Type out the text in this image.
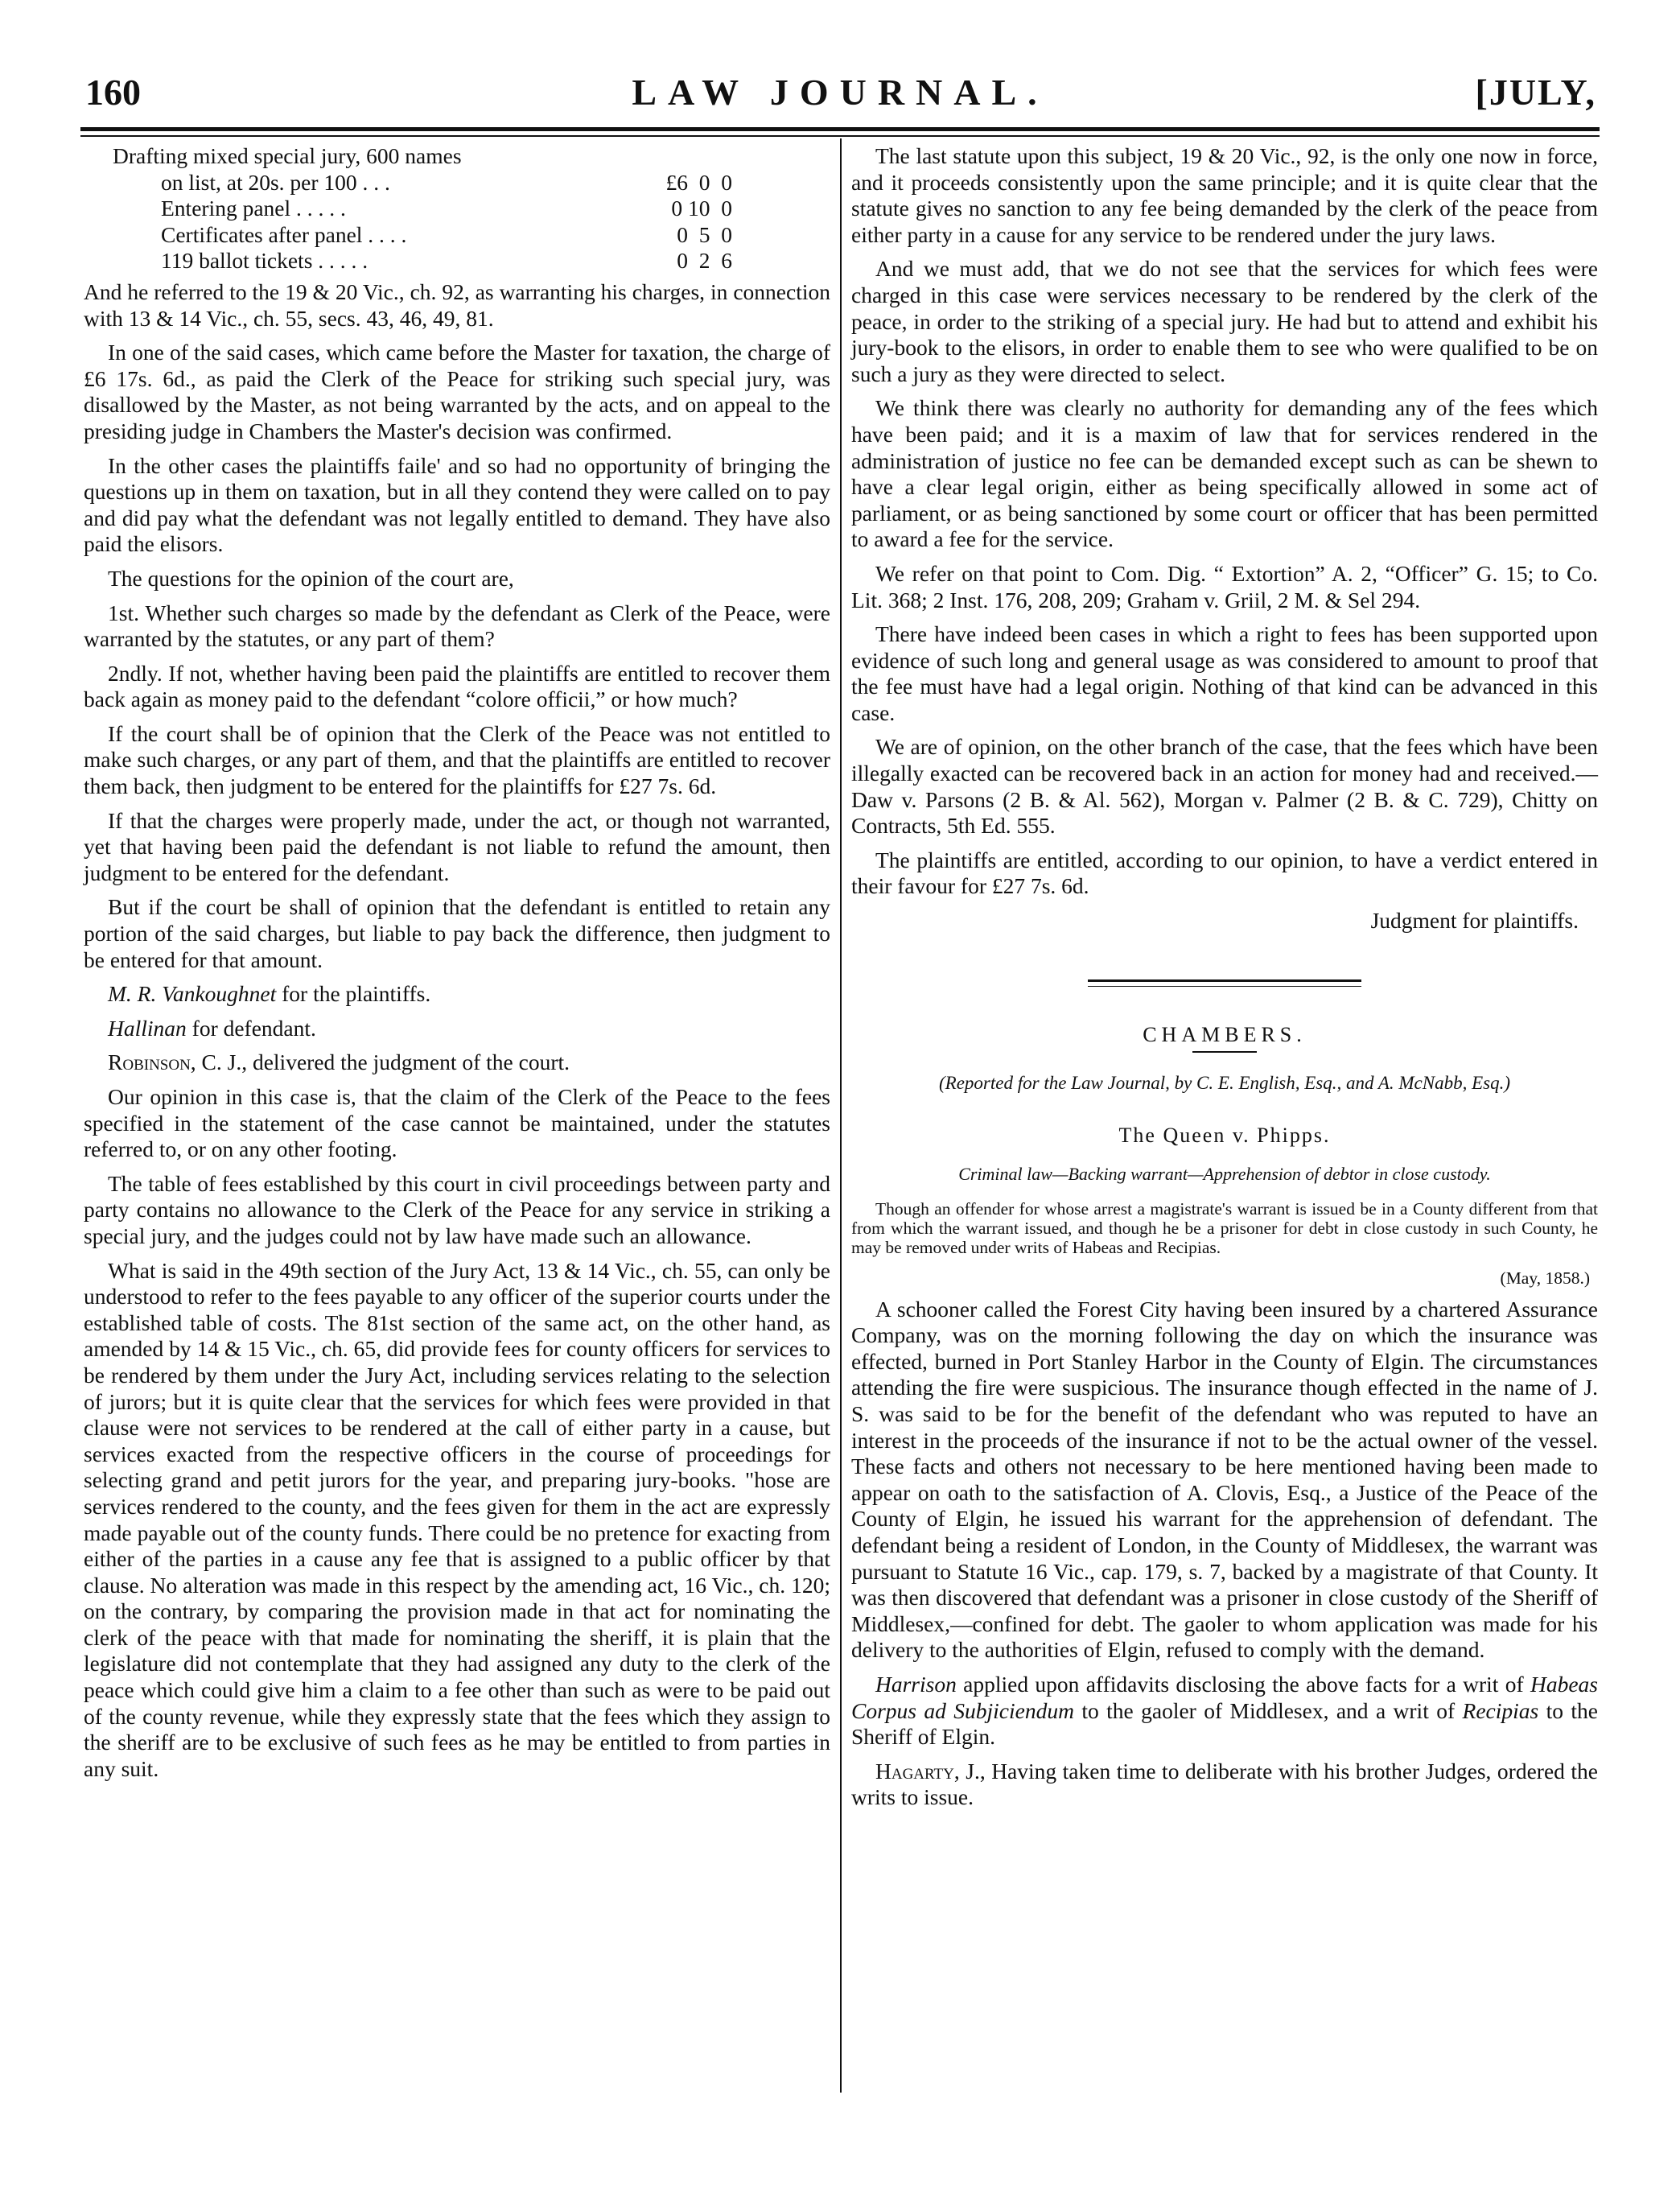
160	LAW JOURNAL.	[JULY,
Drafting mixed special jury, 600 names
on list, at 20s. per 100 . . .	£6  0  0
Entering panel . . . . .	0 10  0
Certificates after panel . . . .	0  5  0
119 ballot tickets . . . . .	0  2  6

And he referred to the 19 & 20 Vic., ch. 92, as warranting his charges, in connection with 13 & 14 Vic., ch. 55, secs. 43, 46, 49, 81.

In one of the said cases, which came before the Master for taxation, the charge of £6 17s. 6d., as paid the Clerk of the Peace for striking such special jury, was disallowed by the Master, as not being warranted by the acts, and on appeal to the presiding judge in Chambers the Master's decision was confirmed.

In the other cases the plaintiffs faile' and so had no opportunity of bringing the questions up in them on taxation, but in all they contend they were called on to pay and did pay what the defendant was not legally entitled to demand. They have also paid the elisors.

The questions for the opinion of the court are,

1st. Whether such charges so made by the defendant as Clerk of the Peace, were warranted by the statutes, or any part of them?

2ndly. If not, whether having been paid the plaintiffs are entitled to recover them back again as money paid to the defendant “colore officii,” or how much?

If the court shall be of opinion that the Clerk of the Peace was not entitled to make such charges, or any part of them, and that the plaintiffs are entitled to recover them back, then judgment to be entered for the plaintiffs for £27 7s. 6d.

If that the charges were properly made, under the act, or though not warranted, yet that having been paid the defendant is not liable to refund the amount, then judgment to be entered for the defendant.

But if the court be shall of opinion that the defendant is entitled to retain any portion of the said charges, but liable to pay back the difference, then judgment to be entered for that amount.

M. R. Vankoughnet for the plaintiffs.

Hallinan for defendant.

Robinson, C. J., delivered the judgment of the court.

Our opinion in this case is, that the claim of the Clerk of the Peace to the fees specified in the statement of the case cannot be maintained, under the statutes referred to, or on any other footing.

The table of fees established by this court in civil proceedings between party and party contains no allowance to the Clerk of the Peace for any service in striking a special jury, and the judges could not by law have made such an allowance.

What is said in the 49th section of the Jury Act, 13 & 14 Vic., ch. 55, can only be understood to refer to the fees payable to any officer of the superior courts under the established table of costs. The 81st section of the same act, on the other hand, as amended by 14 & 15 Vic., ch. 65, did provide fees for county officers for services to be rendered by them under the Jury Act, including services relating to the selection of jurors; but it is quite clear that the services for which fees were provided in that clause were not services to be rendered at the call of either party in a cause, but services exacted from the respective officers in the course of proceedings for selecting grand and petit jurors for the year, and preparing jury-books. "hose are services rendered to the county, and the fees given for them in the act are expressly made payable out of the county funds. There could be no pretence for exacting from either of the parties in a cause any fee that is assigned to a public officer by that clause. No alteration was made in this respect by the amending act, 16 Vic., ch. 120; on the contrary, by comparing the provision made in that act for nominating the clerk of the peace with that made for nominating the sheriff, it is plain that the legislature did not contemplate that they had assigned any duty to the clerk of the peace which could give him a claim to a fee other than such as were to be paid out of the county revenue, while they expressly state that the fees which they assign to the sheriff are to be exclusive of such fees as he may be entitled to from parties in any suit.

The last statute upon this subject, 19 & 20 Vic., 92, is the only one now in force, and it proceeds consistently upon the same principle; and it is quite clear that the statute gives no sanction to any fee being demanded by the clerk of the peace from either party in a cause for any service to be rendered under the jury laws.

And we must add, that we do not see that the services for which fees were charged in this case were services necessary to be rendered by the clerk of the peace, in order to the striking of a special jury. He had but to attend and exhibit his jury-book to the elisors, in order to enable them to see who were qualified to be on such a jury as they were directed to select.

We think there was clearly no authority for demanding any of the fees which have been paid; and it is a maxim of law that for services rendered in the administration of justice no fee can be demanded except such as can be shewn to have a clear legal origin, either as being specifically allowed in some act of parliament, or as being sanctioned by some court or officer that has been permitted to award a fee for the service.

We refer on that point to Com. Dig. “ Extortion” A. 2, “Officer” G. 15; to Co. Lit. 368; 2 Inst. 176, 208, 209; Graham v. Griil, 2 M. & Sel 294.

There have indeed been cases in which a right to fees has been supported upon evidence of such long and general usage as was considered to amount to proof that the fee must have had a legal origin. Nothing of that kind can be advanced in this case.

We are of opinion, on the other branch of the case, that the fees which have been illegally exacted can be recovered back in an action for money had and received.—Daw v. Parsons (2 B. & Al. 562), Morgan v. Palmer (2 B. & C. 729), Chitty on Contracts, 5th Ed. 555.

The plaintiffs are entitled, according to our opinion, to have a verdict entered in their favour for £27 7s. 6d.

Judgment for plaintiffs.
CHAMBERS.
(Reported for the Law Journal, by C. E. English, Esq., and A. McNabb, Esq.)
The Queen v. Phipps.
Criminal law—Backing warrant—Apprehension of debtor in close custody.

Though an offender for whose arrest a magistrate's warrant is issued be in a County different from that from which the warrant issued, and though he be a prisoner for debt in close custody in such County, he may be removed under writs of Habeas and Recipias.

(May, 1858.)

A schooner called the Forest City having been insured by a chartered Assurance Company, was on the morning following the day on which the insurance was effected, burned in Port Stanley Harbor in the County of Elgin. The circumstances attending the fire were suspicious. The insurance though effected in the name of J. S. was said to be for the benefit of the defendant who was reputed to have an interest in the proceeds of the insurance if not to be the actual owner of the vessel. These facts and others not necessary to be here mentioned having been made to appear on oath to the satisfaction of A. Clovis, Esq., a Justice of the Peace of the County of Elgin, he issued his warrant for the apprehension of defendant. The defendant being a resident of London, in the County of Middlesex, the warrant was pursuant to Statute 16 Vic., cap. 179, s. 7, backed by a magistrate of that County. It was then discovered that defendant was a prisoner in close custody of the Sheriff of Middlesex,—confined for debt. The gaoler to whom application was made for his delivery to the authorities of Elgin, refused to comply with the demand.

Harrison applied upon affidavits disclosing the above facts for a writ of Habeas Corpus ad Subjiciendum to the gaoler of Middlesex, and a writ of Recipias to the Sheriff of Elgin.

Hagarty, J., Having taken time to deliberate with his brother Judges, ordered the writs to issue.
